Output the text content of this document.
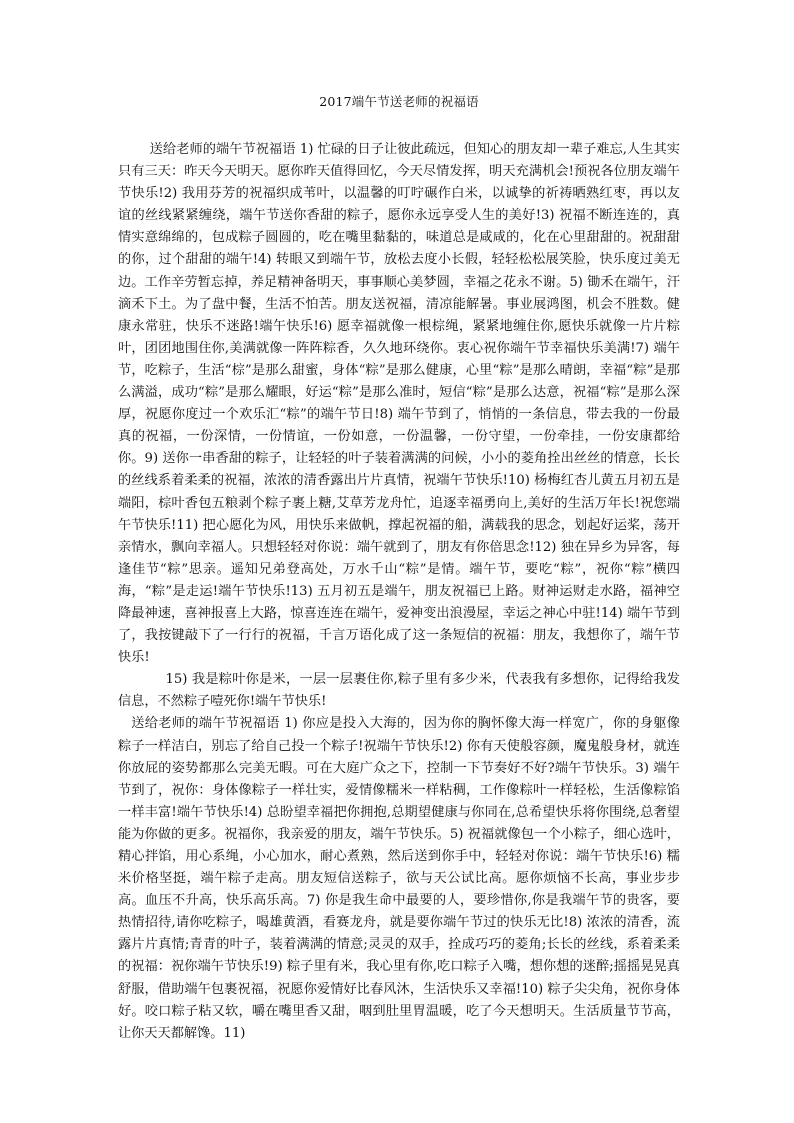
2017端午节送老师的祝福语

送给老师的端午节祝福语 1) 忙碌的日子让彼此疏远，但知心的朋友却一辈子难忘,人生其实只有三天：昨天今天明天。愿你昨天值得回忆，今天尽情发挥，明天充满机会!预祝各位朋友端午节快乐!2) 我用芬芳的祝福织成苇叶，以温馨的叮咛碾作白米，以诚挚的祈祷晒熟红枣，再以友谊的丝线紧紧缠绕，端午节送你香甜的粽子，愿你永远享受人生的美好!3) 祝福不断连连的，真情实意绵绵的，包成粽子圆圆的，吃在嘴里黏黏的，味道总是咸咸的，化在心里甜甜的。祝甜甜的你，过个甜甜的端午!4) 转眼又到端午节，放松去度小长假，轻轻松松展笑脸，快乐度过美无边。工作辛劳暂忘掉，养足精神备明天，事事顺心美梦圆，幸福之花永不谢。5) 锄禾在端午，汗滴禾下土。为了盘中餐，生活不怕苦。朋友送祝福，清凉能解暑。事业展鸿图，机会不胜数。健康永常驻，快乐不迷路!端午快乐!6) 愿幸福就像一根棕绳，紧紧地缠住你,愿快乐就像一片片粽叶，团团地围住你,美满就像一阵阵粽香，久久地环绕你。衷心祝你端午节幸福快乐美满!7) 端午节，吃粽子，生活“棕”是那么甜蜜，身体“粽”是那么健康，心里“粽”是那么晴朗，幸福“粽”是那么满溢，成功“粽”是那么耀眼，好运“粽”是那么准时，短信“粽”是那么达意，祝福“粽”是那么深厚，祝愿你度过一个欢乐汇“粽”的端午节日!8) 端午节到了，悄悄的一条信息，带去我的一份最真的祝福，一份深情，一份情谊，一份如意，一份温馨，一份守望，一份牵挂，一份安康都给你。9) 送你一串香甜的粽子，让轻轻的叶子装着满满的问候，小小的菱角拴出丝丝的情意，长长的丝线系着柔柔的祝福，浓浓的清香露出片片真情，祝端午节快乐!10) 杨梅红杏儿黄五月初五是端阳，棕叶香包五粮剥个粽子裹上糖,艾草芳龙舟忙，追逐幸福勇向上,美好的生活万年长!祝您端午节快乐!11) 把心愿化为风，用快乐来做帆，撑起祝福的船，满载我的思念，划起好运桨，荡开亲情水，飘向幸福人。只想轻轻对你说：端午就到了，朋友有你倍思念!12) 独在异乡为异客，每逢佳节“粽”思亲。遥知兄弟登高处，万水千山“粽”是情。端午节，要吃“粽”，祝你“粽”横四海，“粽”是走运!端午节快乐!13) 五月初五是端午，朋友祝福已上路。财神运财走水路，福神空降最神速，喜神报喜上大路，惊喜连连在端午，爱神变出浪漫屋，幸运之神心中驻!14) 端午节到了，我按键敲下了一行行的祝福，千言万语化成了这一条短信的祝福：朋友，我想你了，端午节快乐!

15) 我是粽叶你是米，一层一层裹住你,粽子里有多少米，代表我有多想你，记得给我发信息，不然粽子噎死你!端午节快乐!

送给老师的端午节祝福语 1) 你应是投入大海的，因为你的胸怀像大海一样宽广，你的身躯像粽子一样洁白，别忘了给自己投一个粽子!祝端午节快乐!2) 你有天使般容颜，魔鬼般身材，就连你放屁的姿势都那么完美无暇。可在大庭广众之下，控制一下节奏好不好?端午节快乐。3) 端午节到了，祝你：身体像粽子一样壮实，爱情像糯米一样粘稠，工作像粽叶一样轻松，生活像粽馅一样丰富!端午节快乐!4) 总盼望幸福把你拥抱,总期望健康与你同在,总希望快乐将你围绕,总奢望能为你做的更多。祝福你，我亲爱的朋友，端午节快乐。5) 祝福就像包一个小粽子，细心选叶，精心拌馅，用心系绳，小心加水，耐心煮熟，然后送到你手中，轻轻对你说：端午节快乐!6) 糯米价格坚挺，端午粽子走高。朋友短信送粽子，欲与天公试比高。愿你烦恼不长高，事业步步高。血压不升高，快乐高乐高。7) 你是我生命中最要的人，要珍惜你,你是我端午节的贵客，要热情招待,请你吃粽子，喝雄黄酒，看赛龙舟，就是要你端午节过的快乐无比!8) 浓浓的清香，流露片片真情;青青的叶子，装着满满的情意;灵灵的双手，拴成巧巧的菱角;长长的丝线，系着柔柔的祝福：祝你端午节快乐!9) 粽子里有米，我心里有你,吃口粽子入嘴，想你想的迷醉;摇摇晃晃真舒服，借助端午包裹祝福，祝愿你爱情好比春风沐，生活快乐又幸福!10) 粽子尖尖角，祝你身体好。咬口粽子粘又软，嚼在嘴里香又甜，咽到肚里胃温暖，吃了今天想明天。生活质量节节高，让你天天都解馋。11)
